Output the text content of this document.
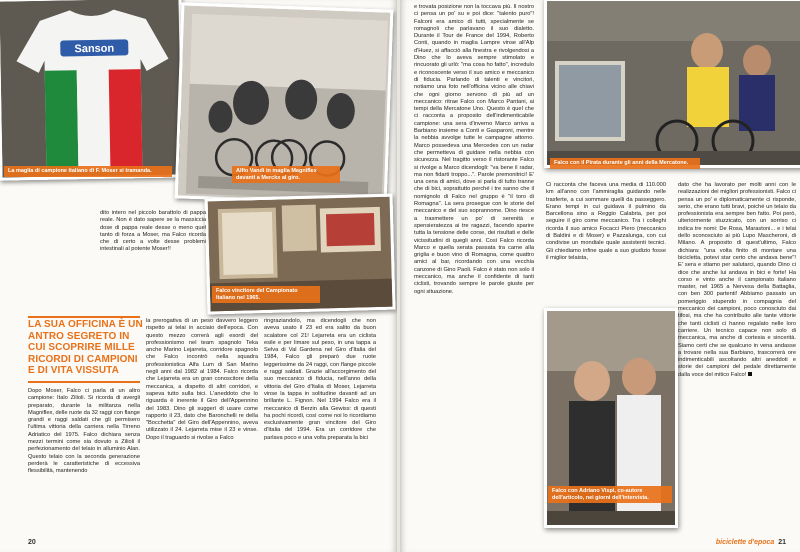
Sanson
La maglia di campione italiano di F. Moser si tramanda.	Alfio Vandi in maglia Magniflex davanti a Merckx al giro.
Falco vincitore del Campionato Italiano nel 1965.
dito intero nel piccolo barattolo di pappa reale. Non è dato sapere se la massiccia dose di pappa reale desse o meno quel tanto di forza a Moser, ma Falco ricorda che di certo a volte desse problemi intestinali al potente Moser!!
LA SUA OFFICINA È UN ANTRO SEGRETO IN CUI SCOPRIRE MILLE RICORDI DI CAMPIONI E DI VITA VISSUTA
Dopo Moser, Falco ci parla di un altro campione: Italo Zilioli. Si ricorda di avergli preparato, durante la militanza nella Magniflex, delle ruote da 32 raggi con flange grandi e raggi saldati che gli permisero l'ultima vittoria della carriera nella Tirreno Adriatico del 1975. Falco dichiara senza mezzi termini come sia dovuto a Zilioli il perfezionamento del telaio in alluminio Alan. Questo telaio con la seconda generazione perderà le caratteristiche di eccessiva flessibilità, mantenendo
la prerogativa di un peso davvero leggero rispetto ai telai in acciaio dell'epoca. Con questo mezzo correrà agli esordi del professionismo nel team spagnolo Teka anche Marino Lejarreta, corridore spagnolo che Falco incontrò nella squadra professionistica Alfa Lum di San Marino negli anni dal 1982 al 1984. Falco ricorda che Lejarreta era un gran conoscitore della meccanica, a dispetto di altri corridori, e sapeva tutto sulla bici. L'aneddoto che lo riguarda è inerente il Giro dell'Appennino del 1983. Dino gli suggerì di usare come rapporto il 23, dato che Baronchelli re della "Bocchetta" del Giro dell'Appennino, aveva utilizzato il 24. Lejarreta mise il 23 e vinse. Dopo il traguardo si rivolse a Falco
ringraziandolo, ma dicendogli che non aveva usato il 23 ed era salito da buon scalatore col 21! Lejarreta era un ciclista esile e per limare sul peso, in una tappa a Selva di Val Gardena nel Giro d'Italia del 1984, Falco gli preparò due ruote leggerissime da 24 raggi, con flange piccole e raggi saldati. Grazie all'accorgimento del suo meccanico di fiducia, nell'anno della vittoria del Giro d'Italia di Moser, Lejarreta vinse la tappa in solitudine davanti ad un brillante L. Fignon. Nel 1994 Falco era il meccanico di Berzin alla Gewiss: di questi ha pochi ricordi, così come noi lo ricordiamo esclusivamente gran vincitore del Giro d'Italia del 1994. Era un corridore che parlava poco e una volta preparata la bici
20
e trovata posizione non la toccava più. Il nostro ci pensa un po' su e poi dice: "talento puro"! Falconi era amico di tutti, specialmente se romagnoli che parlavano il suo dialetto. Durante il Tour de France del 1994, Roberto Conti, quando in maglia Lampre vinse all'Alp d'Huez, si affacciò alla finestra e rivolgendosi a Dino che lo aveva sempre stimolato e rincuorato gli urlò: "ma cosa ho fatto", incredulo e riconoscente verso il suo amico e meccanico di fiducia. Parlando di talenti e vincitori, notiamo una foto nell'officina vicino alle chiavi che ogni giorno servono di più ad un meccanico: ritrae Falco con Marco Pantani, ai tempi della Mercatone Uno. Questo è quel che ci racconta a proposito dell'indimenticabile campione: una sera d'inverno Marco arriva a Barbiano insieme a Conti e Gasparoni, mentre la nebbia avvolge tutte le campagne attorno. Marco possedeva una Mercedes con un radar che permetteva di guidare nella nebbia con sicurezza. Nel tragitto verso il ristorante Falco si rivolge a Marco dicendogli: "va bene il radar, ma non fidarti troppo...". Parole premonitrici! E' una cena di amici, dove si parla di tutto tranne che di bici, soprattutto perché i tre sanno che il nomignolo di Falco nel gruppo è "il toro di Romagna". La sera prosegue con le storie del meccanico e del suo soprannome. Dino riesce a trasmettere un po' di serenità e spensieratezza ai tre ragazzi, facendo sparire tutta la tensione delle corse, dei risultati e delle vicissitudini di quegli anni. Così Falco ricorda Marco e quella serata passata tra carne alla griglia e buon vino di Romagna, come quattro amici al bar, ricordando con una vecchia canzone di Gino Paoli. Falco è stato non solo il meccanico, ma anche il confidente di tanti ciclisti, trovando sempre le parole giuste per ogni situazione.
Falco con il Pirata durante gli anni della Mercatone.
Ci racconta che faceva una media di 110.000 km all'anno con l'ammiraglia guidando nelle trasferte, a cui sommare quelli da passeggero. Erano tempi in cui guidava il pulmino da Barcellona sino a Reggio Calabria, per poi seguire il giro come meccanico. Tra i colleghi ricorda il suo amico Focacci Piero (meccanico di Baldini e di Moser) e Pazzalunga, con cui condivise un mondiale quale assistenti tecnici. Gli chiediamo infine quale a suo giudizio fosse il miglior telaista,
Falco con Adriano Vispi, co-autore dell'articolo, nei giorni dell'intervista.
dato che ha lavorato per molti anni con le realizzazioni dei migliori professionisti. Falco ci pensa un po' e diplomaticamente ci risponde, serio, che erano tutti bravi, poiché un telaio da professionista era sempre ben fatto. Poi però, ulteriormente stuzzicato, con un sorriso ci indica tre nomi: De Rosa, Marastoni... e i telai dello sconosciuto ai più Lupo Mascheroni, di Milano. A proposito di quest'ultimo, Falco dichiara: "una volta finito di montare una bicicletta, potevi star certo che andava bene"! E' sera e stiamo per salutarci, quando Dino ci dice che anche lui andava in bici e forte! Ha corso e vinto anche il campionato italiano master, nel 1965 a Nervesa della Battaglia, con ben 300 partenti! Abbiamo passato un pomeriggio stupendo in compagnia del meccanico dei campioni, poco conosciuto dai tifosi, ma che ha contribuito alle tante vittorie che tanti ciclisti ci hanno regalato nelle loro carriere. Un tecnico capace non solo di meccanica, ma anche di cortesia e sincerità. Siamo certi che se qualcuno in vena andasse a trovare nella sua Barbiano, trascorrerà ore indimenticabili ascoltando altri aneddoti e storie dei campioni del pedale direttamente dalla voce del mitico Falco!
biciclette d'epoca 21
